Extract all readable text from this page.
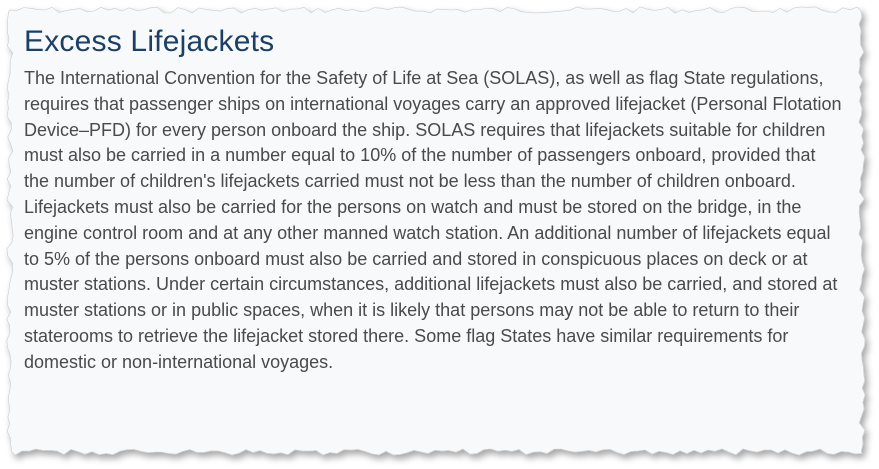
Excess Lifejackets

The International Convention for the Safety of Life at Sea (SOLAS), as well as flag State regulations, requires that passenger ships on international voyages carry an approved lifejacket (Personal Flotation Device–PFD) for every person onboard the ship. SOLAS requires that lifejackets suitable for children must also be carried in a number equal to 10% of the number of passengers onboard, provided that the number of children's lifejackets carried must not be less than the number of children onboard. Lifejackets must also be carried for the persons on watch and must be stored on the bridge, in the engine control room and at any other manned watch station. An additional number of lifejackets equal to 5% of the persons onboard must also be carried and stored in conspicuous places on deck or at muster stations. Under certain circumstances, additional lifejackets must also be carried, and stored at muster stations or in public spaces, when it is likely that persons may not be able to return to their staterooms to retrieve the lifejacket stored there. Some flag States have similar requirements for domestic or non-international voyages.
